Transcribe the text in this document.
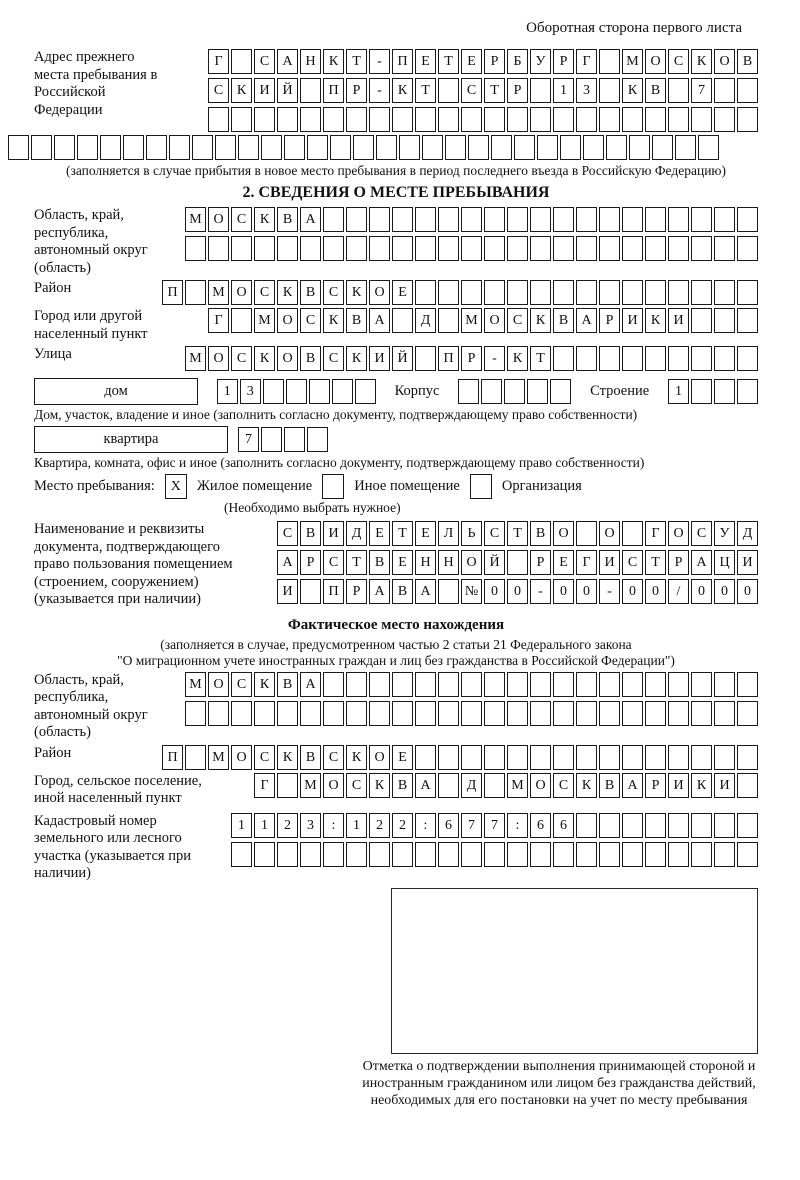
Оборотная сторона первого листа
Адрес прежнего места пребывания в Российской Федерации
Г	С А Н К	Т	-	П Е	Т	Е	Р	Б	У	Р	Г	М О С К О В
С К И Й	П	Р	-	К	Т	С	Т	Р	1	3	К В	7
(заполняется в случае прибытия в новое место пребывания в период последнего въезда в Российскую Федерацию)
2. СВЕДЕНИЯ О МЕСТЕ ПРЕБЫВАНИЯ
Область, край, республика, автономный округ (область)
М О С К В А
Район	П	М О С К В С К О Е
Город или другой населенный пункт
Г	М О С К В А	Д	М О С К В А	Р	И К И
Улица	М О С К О В С К И Й	П	Р	-	К	Т
дом	1	3	Корпус	Строение	1
Дом, участок, владение и иное (заполнить согласно документу, подтверждающему право собственности)
квартира	7
Квартира, комната, офис и иное (заполнить согласно документу, подтверждающему право собственности)
Место пребывания:	X	Жилое помещение	Иное помещение	Организация
(Необходимо выбрать нужное)
Наименование и реквизиты документа, подтверждающего право пользования помещением (строением, сооружением) (указывается при наличии)
С В И Д Е	Т	Е Л	Ь	С	Т	В О	О	Г О С У Д
А	Р	С	Т	В	Е Н Н О Й	Р	Е	Г И С	Т	Р	А Ц И
И	П	Р	А В А	№ 0	0	-	0	0	-	0	0	/	0	0	0
Фактическое место нахождения
(заполняется в случае, предусмотренном частью 2 статьи 21 Федерального закона
"О миграционном учете иностранных граждан и лиц без гражданства в Российской Федерации")
Область, край, республика, автономный округ (область)
М О С К В А
Район	П	М О С К В С К О Е
Город, сельское поселение, иной населенный пункт
Г	М О С К В А	Д	М О С К В А	Р	И К И
Кадастровый номер земельного или лесного участка (указывается при наличии)
1	1	2	3	:	1	2	2	:	6	7	7	:	6	6
Отметка о подтверждении выполнения принимающей стороной и иностранным гражданином или лицом без гражданства действий, необходимых для его постановки на учет по месту пребывания
